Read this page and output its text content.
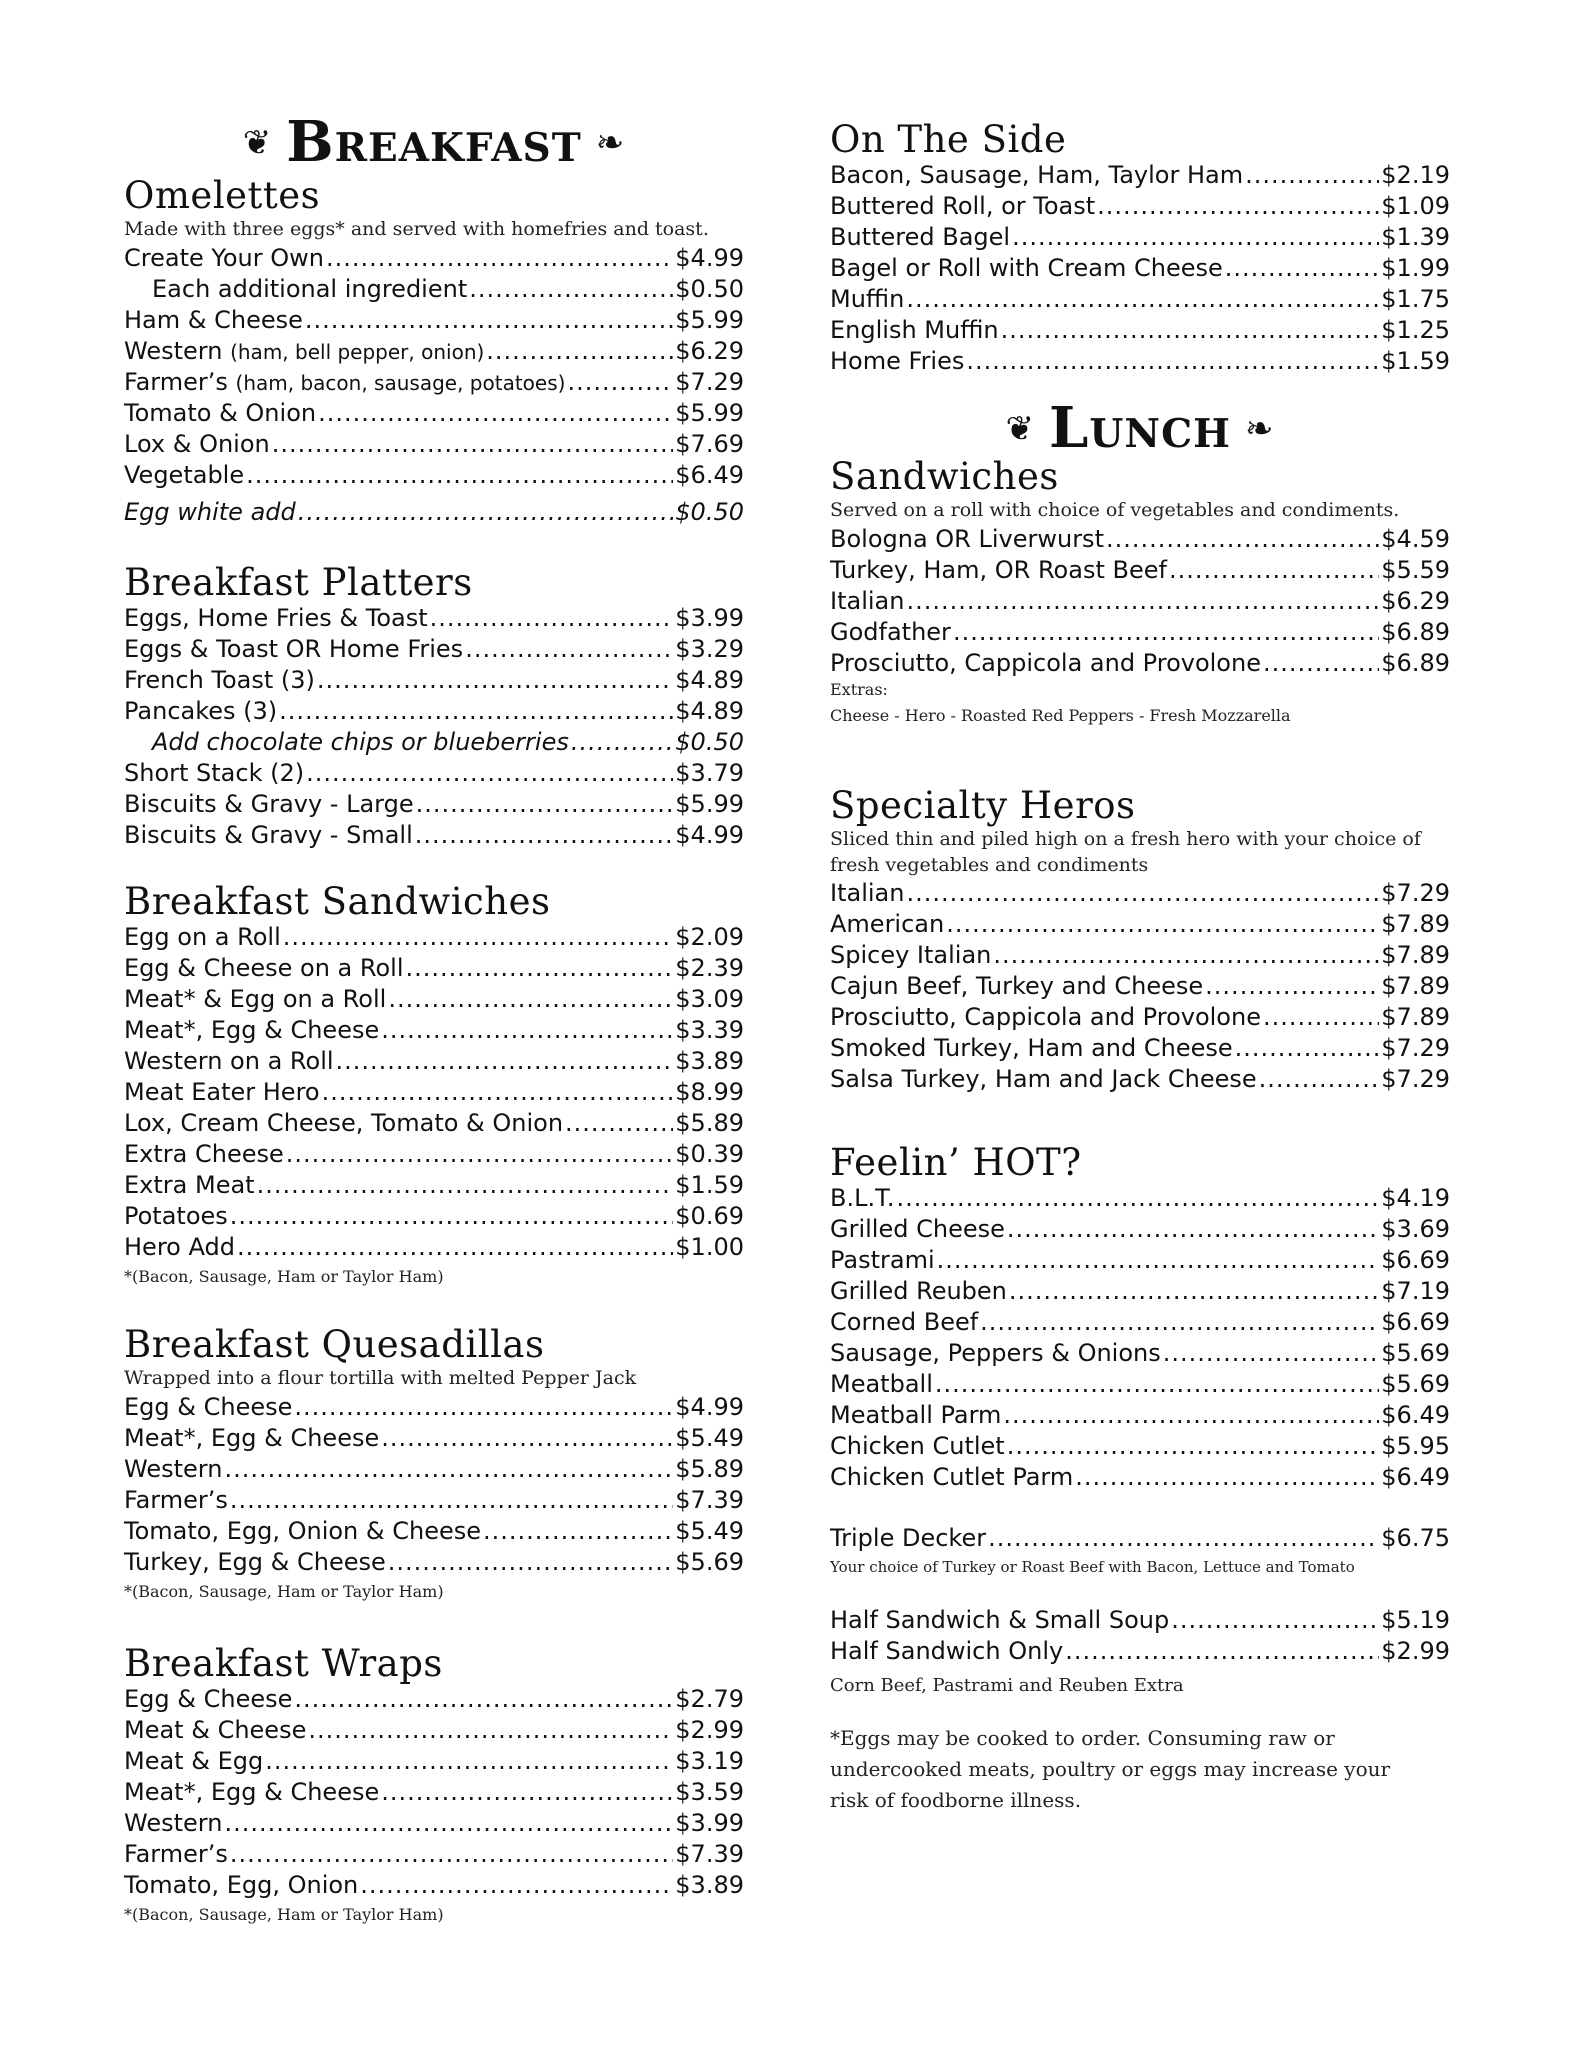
❦ Breakfast ❧
Omelettes
Made with three eggs* and served with homefries and toast.
Create Your Own .....	$4.99
Each additional ingredient .....	$0.50
Ham & Cheese .....	$5.99
Western (ham, bell pepper, onion) .....	$6.29
Farmer’s (ham, bacon, sausage, potatoes) .....	$7.29
Tomato & Onion .....	$5.99
Lox & Onion .....	$7.69
Vegetable .....	$6.49
Egg white add .....	$0.50
Breakfast Platters
Eggs, Home Fries & Toast .....	$3.99
Eggs & Toast OR Home Fries .....	$3.29
French Toast (3) .....	$4.89
Pancakes (3) .....	$4.89
Add chocolate chips or blueberries .....	$0.50
Short Stack (2) .....	$3.79
Biscuits & Gravy - Large .....	$5.99
Biscuits & Gravy - Small .....	$4.99
Breakfast Sandwiches
Egg on a Roll .....	$2.09
Egg & Cheese on a Roll .....	$2.39
Meat* & Egg on a Roll .....	$3.09
Meat*, Egg & Cheese .....	$3.39
Western on a Roll .....	$3.89
Meat Eater Hero .....	$8.99
Lox, Cream Cheese, Tomato & Onion .....	$5.89
Extra Cheese .....	$0.39
Extra Meat .....	$1.59
Potatoes .....	$0.69
Hero Add .....	$1.00
*(Bacon, Sausage, Ham or Taylor Ham)
Breakfast Quesadillas
Wrapped into a flour tortilla with melted Pepper Jack
Egg & Cheese .....	$4.99
Meat*, Egg & Cheese .....	$5.49
Western .....	$5.89
Farmer’s .....	$7.39
Tomato, Egg, Onion & Cheese .....	$5.49
Turkey, Egg & Cheese .....	$5.69
*(Bacon, Sausage, Ham or Taylor Ham)
Breakfast Wraps
Egg & Cheese .....	$2.79
Meat & Cheese .....	$2.99
Meat & Egg .....	$3.19
Meat*, Egg & Cheese .....	$3.59
Western .....	$3.99
Farmer’s .....	$7.39
Tomato, Egg, Onion .....	$3.89
*(Bacon, Sausage, Ham or Taylor Ham)
On The Side
Bacon, Sausage, Ham, Taylor Ham .....	$2.19
Buttered Roll, or Toast .....	$1.09
Buttered Bagel .....	$1.39
Bagel or Roll with Cream Cheese .....	$1.99
Muffin .....	$1.75
English Muffin .....	$1.25
Home Fries .....	$1.59
❦ Lunch ❧
Sandwiches
Served on a roll with choice of vegetables and condiments.
Bologna OR Liverwurst .....	$4.59
Turkey, Ham, OR Roast Beef .....	$5.59
Italian .....	$6.29
Godfather .....	$6.89
Prosciutto, Cappicola and Provolone .....	$6.89
Extras:
Cheese - Hero - Roasted Red Peppers - Fresh Mozzarella
Specialty Heros
Sliced thin and piled high on a fresh hero with your choice of fresh vegetables and condiments
Italian .....	$7.29
American .....	$7.89
Spicey Italian .....	$7.89
Cajun Beef, Turkey and Cheese .....	$7.89
Prosciutto, Cappicola and Provolone .....	$7.89
Smoked Turkey, Ham and Cheese .....	$7.29
Salsa Turkey, Ham and Jack Cheese .....	$7.29
Feelin’ HOT?
B.L.T. .....	$4.19
Grilled Cheese .....	$3.69
Pastrami .....	$6.69
Grilled Reuben .....	$7.19
Corned Beef .....	$6.69
Sausage, Peppers & Onions .....	$5.69
Meatball .....	$5.69
Meatball Parm .....	$6.49
Chicken Cutlet .....	$5.95
Chicken Cutlet Parm .....	$6.49
Triple Decker .....	$6.75
Your choice of Turkey or Roast Beef with Bacon, Lettuce and Tomato
Half Sandwich & Small Soup .....	$5.19
Half Sandwich Only .....	$2.99
Corn Beef, Pastrami and Reuben Extra
*Eggs may be cooked to order. Consuming raw or undercooked meats, poultry or eggs may increase your risk of foodborne illness.
